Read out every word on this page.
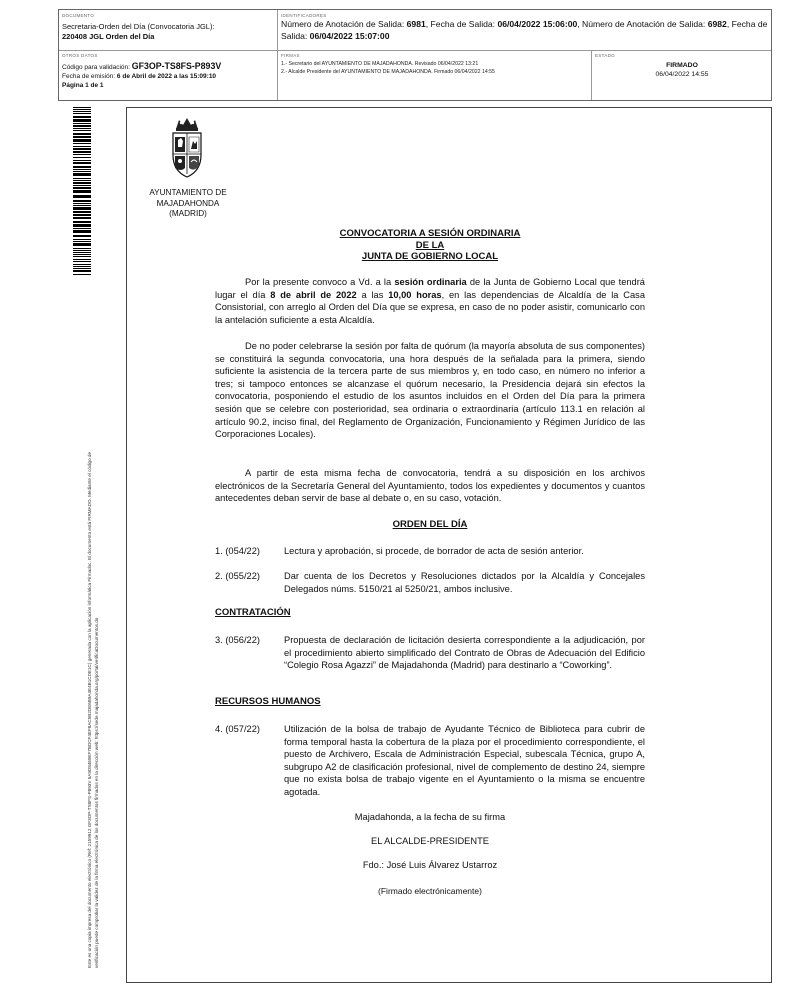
DOCUMENTO
Secretaria-Orden del Día (Convocatoria JGL):
220408 JGL Orden del Día
IDENTIFICADORES
Número de Anotación de Salida: 6981, Fecha de Salida: 06/04/2022 15:06:00, Número de Anotación de Salida: 6982, Fecha de Salida: 06/04/2022 15:07:00
OTROS DATOS
Código para validación: GF3OP-TS8FS-P893V
Fecha de emisión: 6 de Abril de 2022 a las 15:09:10
Página 1 de 1
FIRMAS
1.- Secretario del AYUNTAMIENTO DE MAJADAHONDA. Revisado 06/04/2022 13:21
2.- Alcalde Presidente del AYUNTAMIENTO DE MAJADAHONDA. Firmado 06/04/2022 14:55
ESTADO
FIRMADO
06/04/2022 14:55
Este es una copia impresa del documento electrónico (Ref: 2159912 GF3OP-TS8FS-P893V 5A9D8469EF7BDCF4EF8AC5B2DE6B9A4E4B1CDE1C) generada con la aplicación informática Firmadoc. El documento está FIRMADO. Mediante el código de verificación puede comprobar la validez de la firma electrónica de los documentos firmados en la dirección web: https://sede.majadahonda.org/portal/verificaDocumentos.do
AYUNTAMIENTO DE
MAJADAHONDA
(MADRID)
CONVOCATORIA A SESIÓN ORDINARIA
DE LA
JUNTA DE GOBIERNO LOCAL
Por la presente convoco a Vd. a la sesión ordinaria de la Junta de Gobierno Local que tendrá lugar el día 8 de abril de 2022 a las 10,00 horas, en las dependencias de Alcaldía de la Casa Consistorial, con arreglo al Orden del Día que se expresa, en caso de no poder asistir, comunicarlo con la antelación suficiente a esta Alcaldía.
De no poder celebrarse la sesión por falta de quórum (la mayoría absoluta de sus componentes) se constituirá la segunda convocatoria, una hora después de la señalada para la primera, siendo suficiente la asistencia de la tercera parte de sus miembros y, en todo caso, en número no inferior a tres; si tampoco entonces se alcanzase el quórum necesario, la Presidencia dejará sin efectos la convocatoria, posponiendo el estudio de los asuntos incluidos en el Orden del Día para la primera sesión que se celebre con posterioridad, sea ordinaria o extraordinaria (artículo 113.1 en relación al artículo 90.2, inciso final, del Reglamento de Organización, Funcionamiento y Régimen Jurídico de las Corporaciones Locales).
A partir de esta misma fecha de convocatoria, tendrá a su disposición en los archivos electrónicos de la Secretaría General del Ayuntamiento, todos los expedientes y documentos y cuantos antecedentes deban servir de base al debate o, en su caso, votación.
ORDEN DEL DÍA
1. (054/22)	Lectura y aprobación, si procede, de borrador de acta de sesión anterior.
2. (055/22)	Dar cuenta de los Decretos y Resoluciones dictados por la Alcaldía y Concejales Delegados núms. 5150/21 al 5250/21, ambos inclusive.
CONTRATACIÓN
3. (056/22)	Propuesta de declaración de licitación desierta correspondiente a la adjudicación, por el procedimiento abierto simplificado del Contrato de Obras de Adecuación del Edificio “Colegio Rosa Agazzi” de Majadahonda (Madrid) para destinarlo a “Coworking”.
RECURSOS HUMANOS
4. (057/22)	Utilización de la bolsa de trabajo de Ayudante Técnico de Biblioteca para cubrir de forma temporal hasta la cobertura de la plaza por el procedimiento correspondiente, el puesto de Archivero, Escala de Administración Especial, subescala Técnica, grupo A, subgrupo A2 de clasificación profesional, nivel de complemento de destino 24, siempre que no exista bolsa de trabajo vigente en el Ayuntamiento o la misma se encuentre agotada.
Majadahonda, a la fecha de su firma
EL ALCALDE-PRESIDENTE
Fdo.: José Luis Álvarez Ustarroz
(Firmado electrónicamente)
